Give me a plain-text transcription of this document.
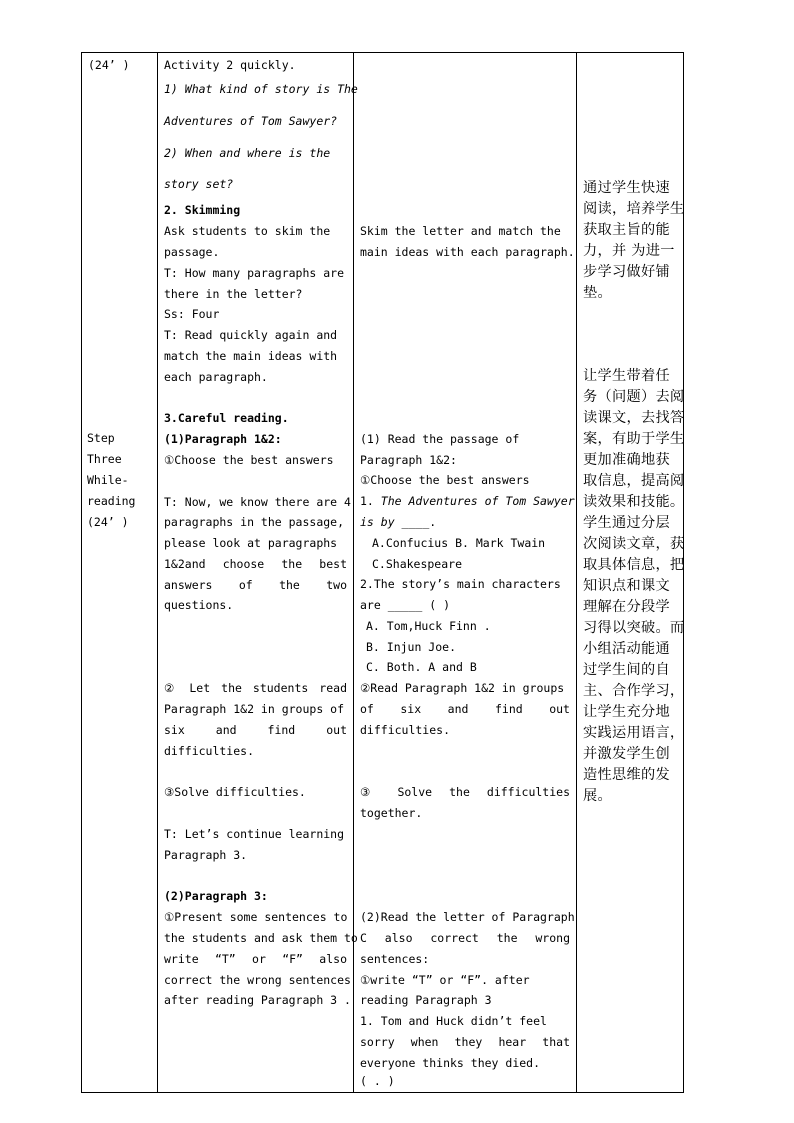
(24’ )
Step
Three
While-
reading
(24’ )
Activity 2 quickly.
1) What kind of story is The
Adventures of Tom Sawyer?
2) When and where is the
story set?
2. Skimming
Ask students to skim the
passage.
T: How many paragraphs are
there in the letter?
Ss: Four
T: Read quickly again and
match the main ideas with
each paragraph.
3.Careful reading.
(1)Paragraph 1&2:
①Choose the best answers
T: Now, we know there are 4
paragraphs in the passage,
please look at paragraphs
1&2and choose the best
answers of the two
questions.
② Let the students read
Paragraph 1&2 in groups of
six and find out
difficulties.
③Solve difficulties.
T: Let’s continue learning
Paragraph 3.
(2)Paragraph 3:
①Present some sentences to
the students and ask them to
write “T” or “F” also
correct the wrong sentences
after reading Paragraph 3 .
Skim the letter and match the
main ideas with each paragraph.
(1) Read the passage of
Paragraph 1&2:
①Choose the best answers
1. The Adventures of Tom Sawyer
is by ____.
A.Confucius B. Mark Twain
C.Shakespeare
2.The story’s main characters
are _____ ( )
A. Tom,Huck Finn .
B. Injun Joe.
C. Both. A and B
②Read Paragraph 1&2 in groups
of six and find out
difficulties.
③ Solve the difficulties
together.
(2)Read the letter of Paragraph
C also correct the wrong
sentences:
①write “T” or “F”. after
reading Paragraph 3
1. Tom and Huck didn’t feel
sorry when they hear that
everyone thinks they died.
( . )
通过学生快速
阅读，培养学生
获取主旨的能
力，并 为进一
步学习做好铺
垫。
让学生带着任
务（问题）去阅
读课文，去找答
案，有助于学生
更加准确地获
取信息，提高阅
读效果和技能。
学生通过分层
次阅读文章，获
取具体信息，把
知识点和课文
理解在分段学
习得以突破。而
小组活动能通
过学生间的自
主、合作学习，
让学生充分地
实践运用语言，
并激发学生创
造性思维的发
展。
